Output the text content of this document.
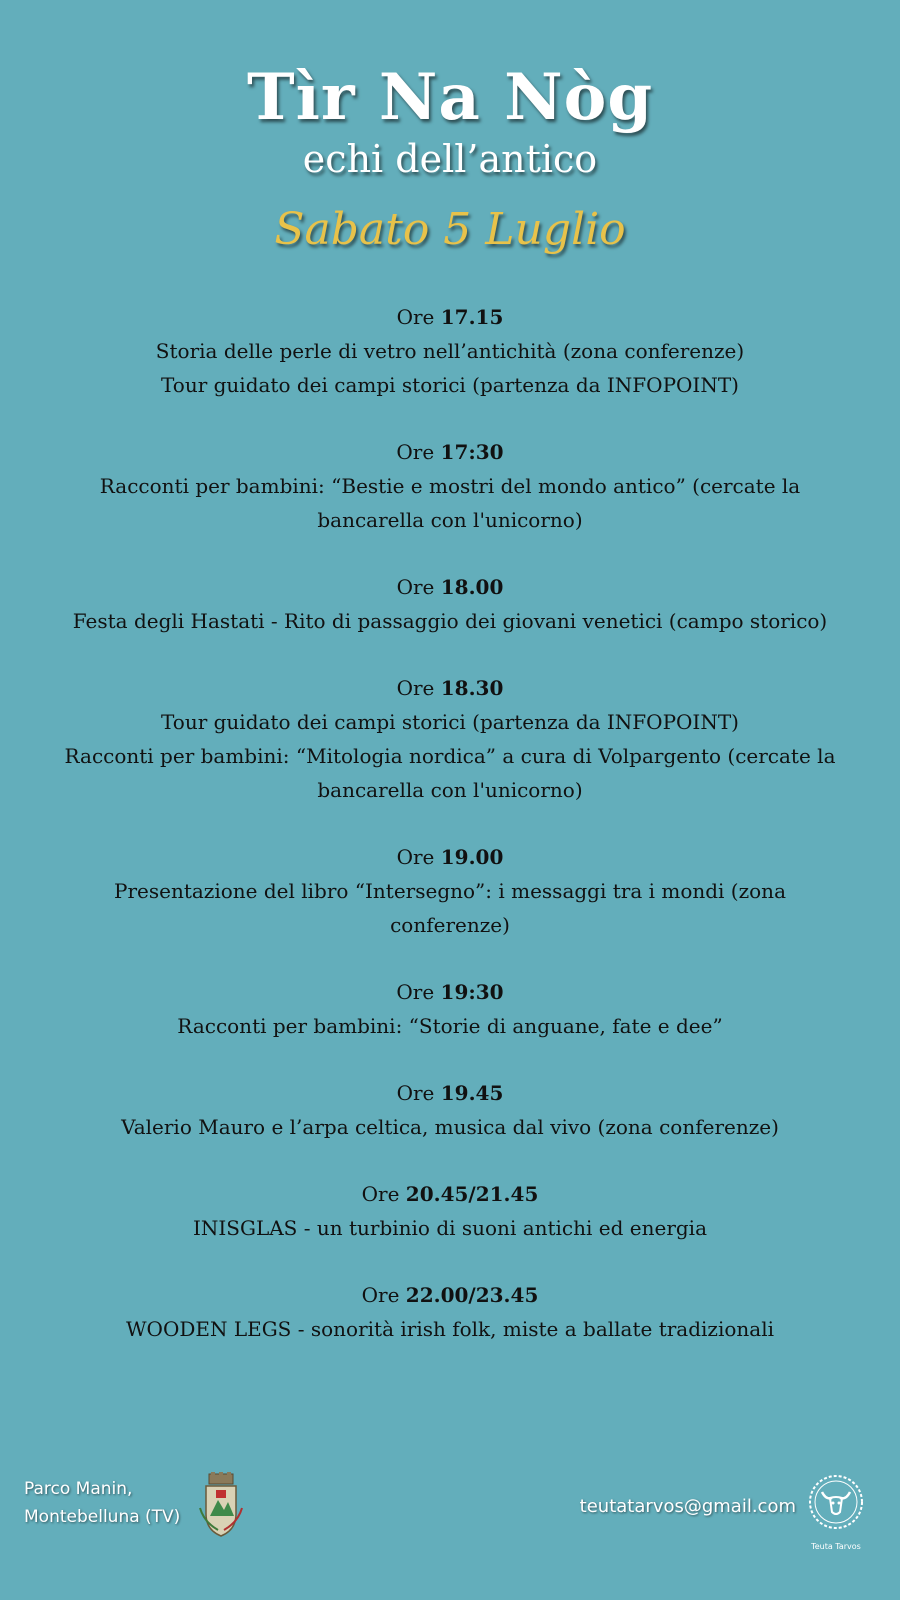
Tìr Na Nòg
echi dell’antico
Sabato 5 Luglio
Ore 17.15
Storia delle perle di vetro nell’antichità (zona conferenze)
Tour guidato dei campi storici (partenza da INFOPOINT)
Ore 17:30
Racconti per bambini: “Bestie e mostri del mondo antico” (cercate la bancarella con l'unicorno)
Ore 18.00
Festa degli Hastati - Rito di passaggio dei giovani venetici (campo storico)
Ore 18.30
Tour guidato dei campi storici (partenza da INFOPOINT)
Racconti per bambini: “Mitologia nordica” a cura di Volpargento (cercate la bancarella con l'unicorno)
Ore 19.00
Presentazione del libro “Intersegno”: i messaggi tra i mondi (zona conferenze)
Ore 19:30
Racconti per bambini: “Storie di anguane, fate e dee”
Ore 19.45
Valerio Mauro e l’arpa celtica, musica dal vivo (zona conferenze)
Ore 20.45/21.45
INISGLAS - un turbinio di suoni antichi ed energia
Ore 22.00/23.45
WOODEN LEGS - sonorità irish folk, miste a ballate tradizionali
Parco Manin,
Montebelluna (TV)	teutatarvos@gmail.com
Teuta Tarvos
